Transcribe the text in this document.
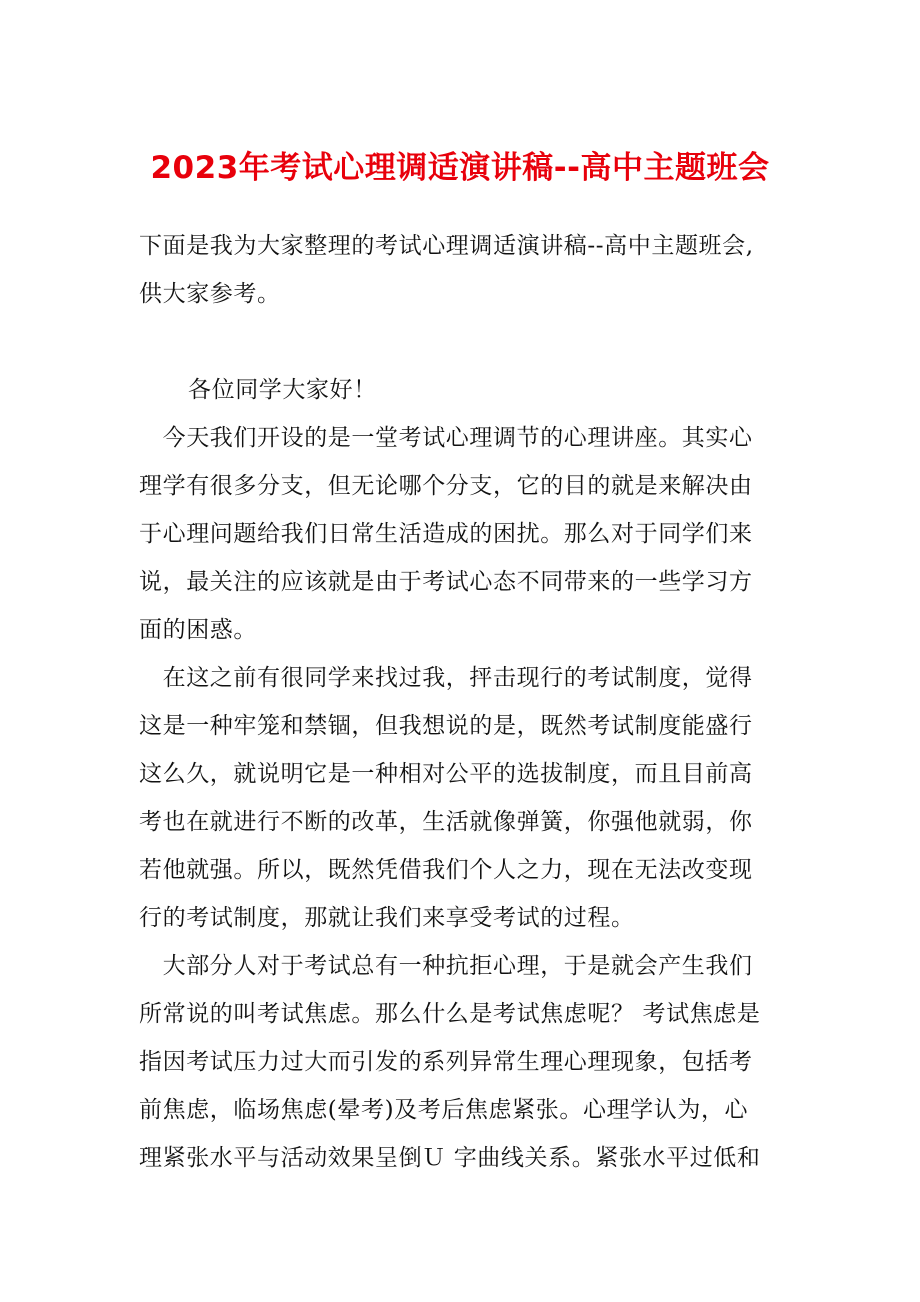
2023年考试心理调适演讲稿--高中主题班会
下面是我为大家整理的考试心理调适演讲稿--高中主题班会,
供大家参考。
各位同学大家好！

　今天我们开设的是一堂考试心理调节的心理讲座。其实心
理学有很多分支，但无论哪个分支，它的目的就是来解决由
于心理问题给我们日常生活造成的困扰。那么对于同学们来
说，最关注的应该就是由于考试心态不同带来的一些学习方
面的困惑。

　在这之前有很同学来找过我，抨击现行的考试制度，觉得
这是一种牢笼和禁锢，但我想说的是，既然考试制度能盛行
这么久，就说明它是一种相对公平的选拔制度，而且目前高
考也在就进行不断的改革，生活就像弹簧，你强他就弱，你
若他就强。所以，既然凭借我们个人之力，现在无法改变现
行的考试制度，那就让我们来享受考试的过程。

　大部分人对于考试总有一种抗拒心理，于是就会产生我们
所常说的叫考试焦虑。那么什么是考试焦虑呢？ 考试焦虑是
指因考试压力过大而引发的系列异常生理心理现象，包括考
前焦虑，临场焦虑(晕考)及考后焦虑紧张。心理学认为，心
理紧张水平与活动效果呈倒Ｕ 字曲线关系。紧张水平过低和
